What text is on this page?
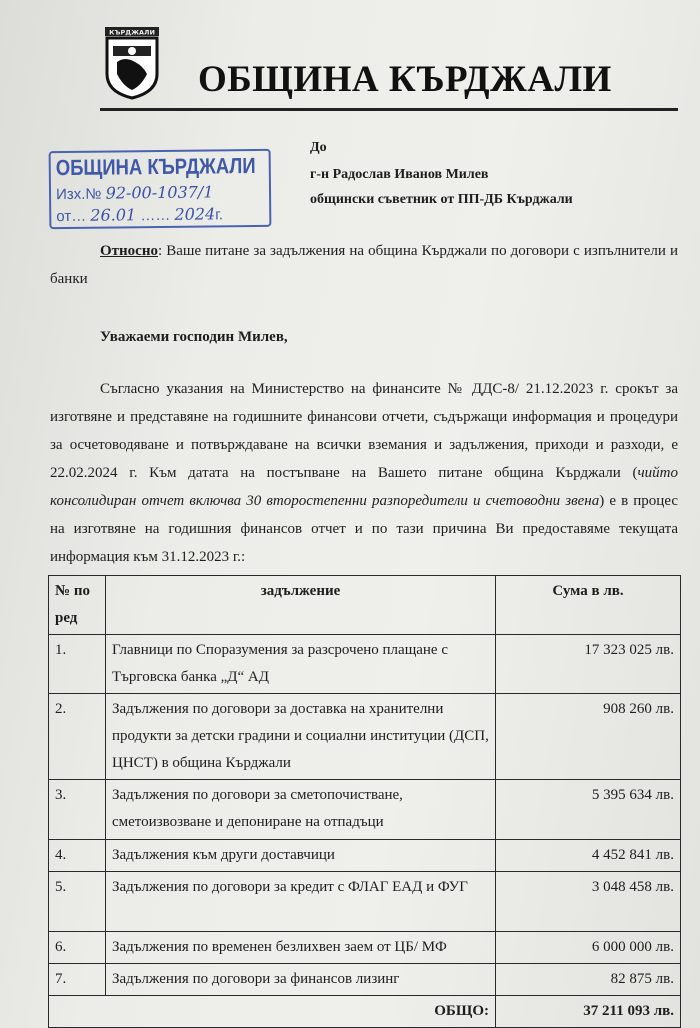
КЪРДЖАЛИ
ОБЩИНА КЪРДЖАЛИ
ОБЩИНА КЪРДЖАЛИ
Изх.№ 92-00-1037/1
от… 26.01 …… 2024г.
До
г-н Радослав Иванов Милев
общински съветник от ПП-ДБ Кърджали
Относно: Ваше питане за задължения на община Кърджали по договори с изпълнители и банки
Уважаеми господин Милев,
Съгласно указания на Министерство на финансите № ДДС-8/ 21.12.2023 г. срокът за изготвяне и представяне на годишните финансови отчети, съдържащи информация и процедури за осчетоводяване и потвърждаване на всички вземания и задължения, приходи и разходи, е 22.02.2024 г. Към датата на постъпване на Вашето питане община Кърджали (чийто консолидиран отчет включва 30 второстепенни разпоредители и счетоводни звена) е в процес на изготвяне на годишния финансов отчет и по тази причина Ви предоставяме текущата информация към 31.12.2023 г.:
№ по ред	задължение	Сума в лв.
1.	Главници по Споразумения за разсрочено плащане с Търговска банка „Д“ АД	17 323 025 лв.
2.	Задължения по договори за доставка на хранителни продукти за детски градини и социални институции (ДСП, ЦНСТ) в община Кърджали	908 260 лв.
3.	Задължения по договори за сметопочистване, сметоизвозване и депониране на отпадъци	5 395 634 лв.
4.	Задължения към други доставчици	4 452 841 лв.
5.	Задължения по договори за кредит с ФЛАГ ЕАД и ФУГ	3 048 458 лв.
6.	Задължения по временен безлихвен заем от ЦБ/ МФ	6 000 000 лв.
7.	Задължения по договори за финансов лизинг	82 875 лв.
	ОБЩО:	37 211 093 лв.
